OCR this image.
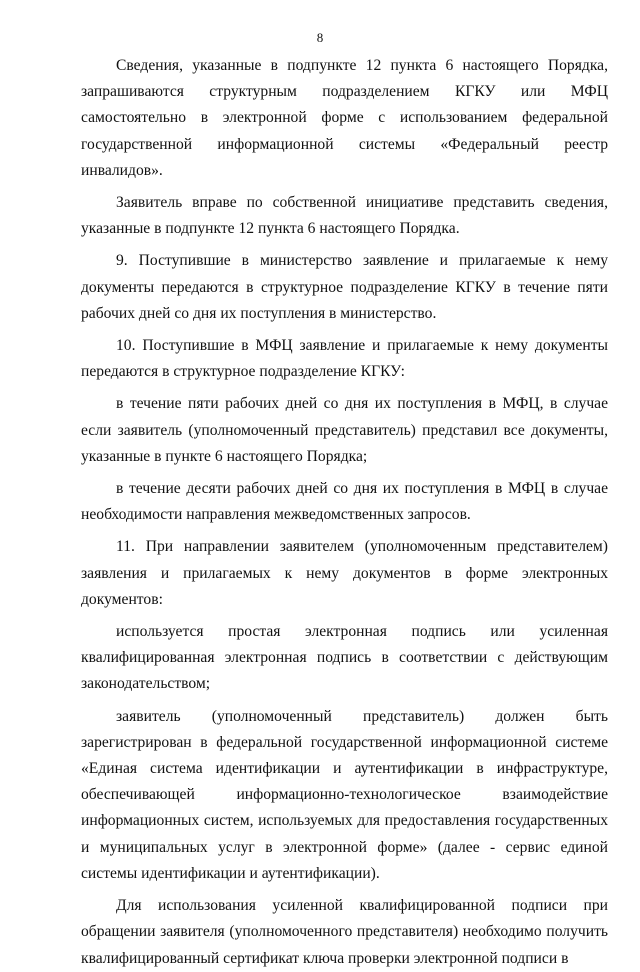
8

Сведения, указанные в подпункте 12 пункта 6 настоящего Порядка, запрашиваются структурным подразделением КГКУ или МФЦ самостоятельно в электронной форме с использованием федеральной государственной информационной системы «Федеральный реестр инвалидов».

Заявитель вправе по собственной инициативе представить сведения, указанные в подпункте 12 пункта 6 настоящего Порядка.

9. Поступившие в министерство заявление и прилагаемые к нему документы передаются в структурное подразделение КГКУ в течение пяти рабочих дней со дня их поступления в министерство.

10. Поступившие в МФЦ заявление и прилагаемые к нему документы передаются в структурное подразделение КГКУ:

в течение пяти рабочих дней со дня их поступления в МФЦ, в случае если заявитель (уполномоченный представитель) представил все документы, указанные в пункте 6 настоящего Порядка;

в течение десяти рабочих дней со дня их поступления в МФЦ в случае необходимости направления межведомственных запросов.

11. При направлении заявителем (уполномоченным представителем) заявления и прилагаемых к нему документов в форме электронных документов:

используется простая электронная подпись или усиленная квалифицированная электронная подпись в соответствии с действующим законодательством;

заявитель (уполномоченный представитель) должен быть зарегистрирован в федеральной государственной информационной системе «Единая система идентификации и аутентификации в инфраструктуре, обеспечивающей информационно-технологическое взаимодействие информационных систем, используемых для предоставления государственных и муниципальных услуг в электронной форме» (далее - сервис единой системы идентификации и аутентификации).

Для использования усиленной квалифицированной подписи при обращении заявителя (уполномоченного представителя) необходимо получить квалифицированный сертификат ключа проверки электронной подписи в
